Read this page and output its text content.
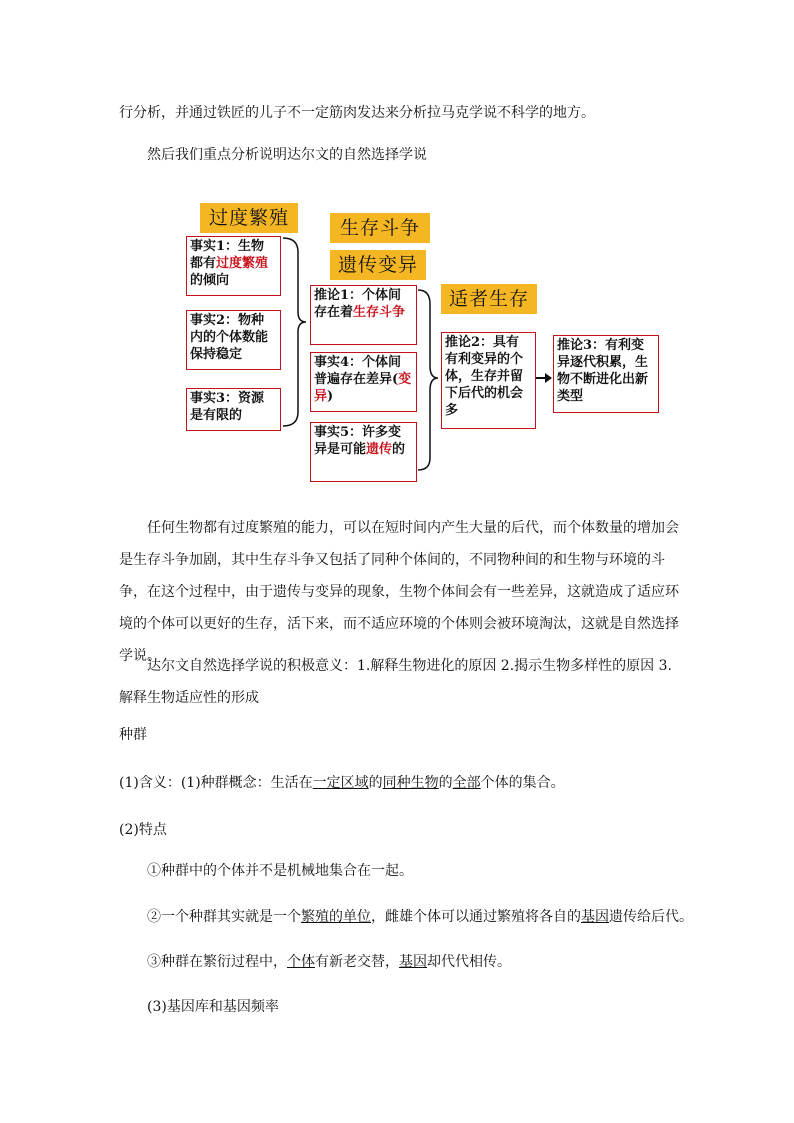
行分析，并通过铁匠的儿子不一定筋肉发达来分析拉马克学说不科学的地方。
然后我们重点分析说明达尔文的自然选择学说
过度繁殖	生存斗争
遗传变异
适者生存
事实1：生物都有过度繁殖的倾向
事实2：物种内的个体数能保持稳定
事实3：资源是有限的
推论1：个体间存在着生存斗争
事实4：个体间普遍存在差异(变异)
事实5：许多变异是可能遗传的
推论2：具有有利变异的个体，生存并留下后代的机会多
推论3：有利变异逐代积累，生物不断进化出新类型
任何生物都有过度繁殖的能力，可以在短时间内产生大量的后代，而个体数量的增加会是生存斗争加剧，其中生存斗争又包括了同种个体间的，不同物种间的和生物与环境的斗争，在这个过程中，由于遗传与变异的现象，生物个体间会有一些差异，这就造成了适应环境的个体可以更好的生存，活下来，而不适应环境的个体则会被环境淘汰，这就是自然选择学说。
达尔文自然选择学说的积极意义：1.解释生物进化的原因 2.揭示生物多样性的原因 3.解释生物适应性的形成
种群
(1)含义：(1)种群概念：生活在一定区域的同种生物的全部个体的集合。
(2)特点
①种群中的个体并不是机械地集合在一起。
②一个种群其实就是一个繁殖的单位，雌雄个体可以通过繁殖将各自的基因遗传给后代。
③种群在繁衍过程中，个体有新老交替，基因却代代相传。
(3)基因库和基因频率
